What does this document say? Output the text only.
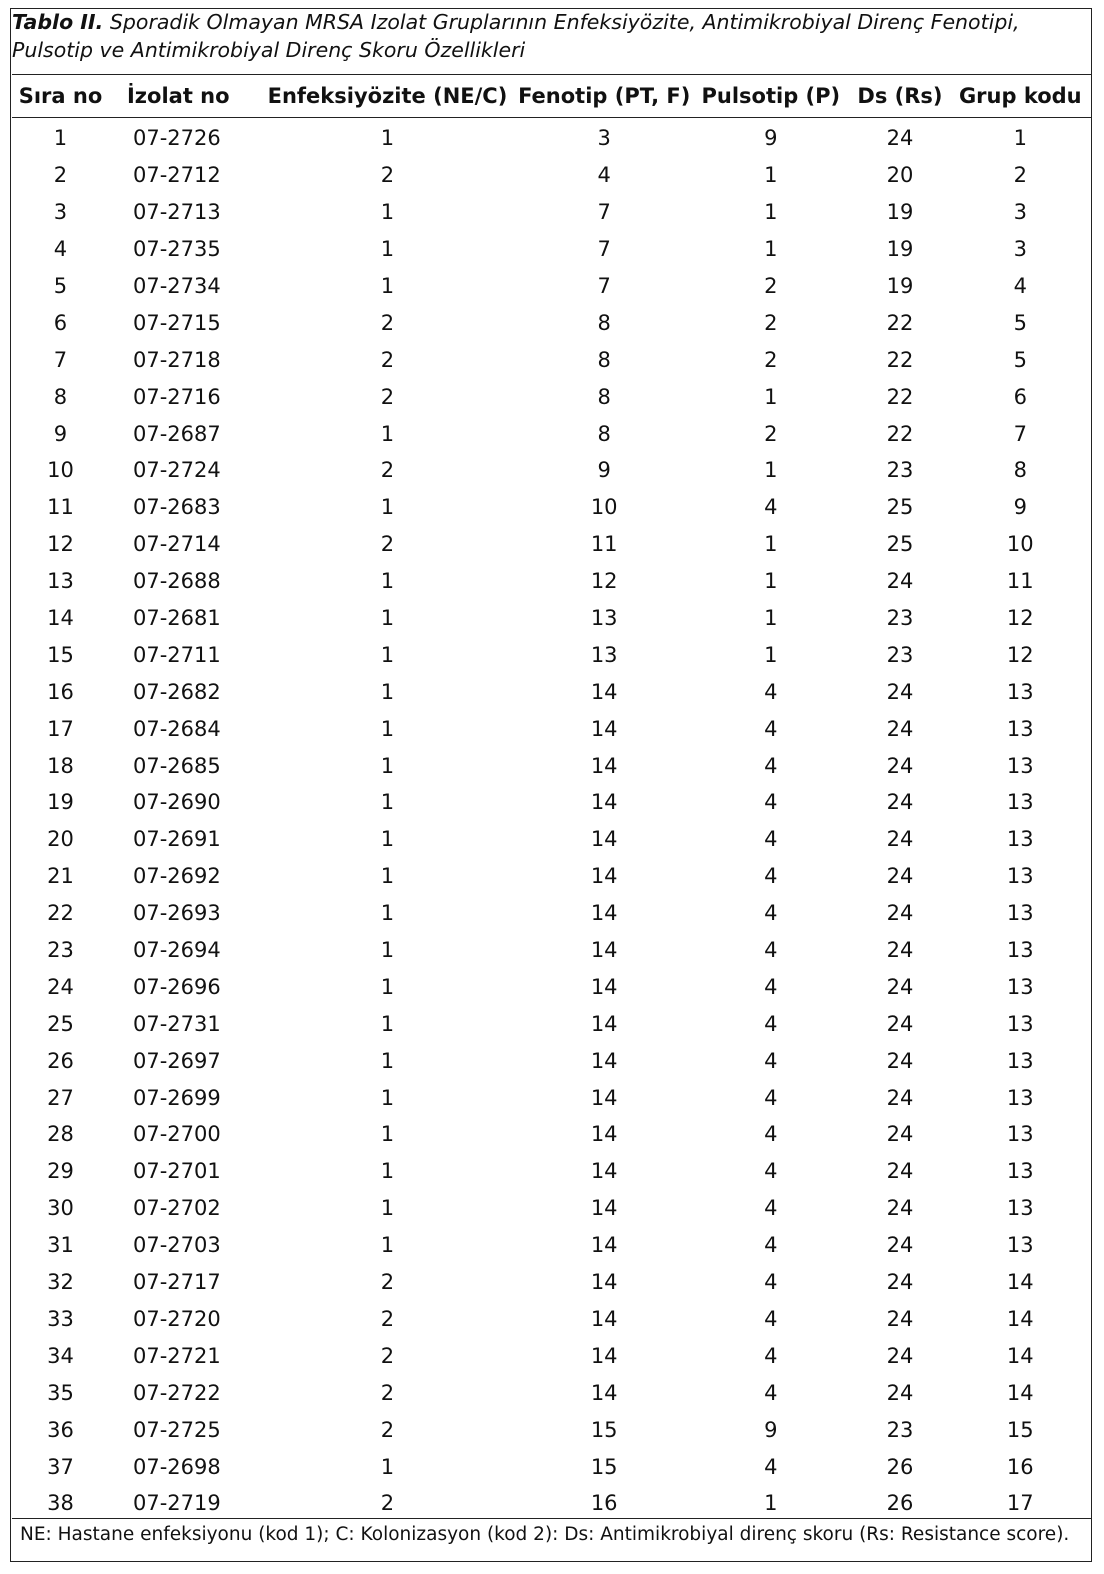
Tablo II. Sporadik Olmayan MRSA Izolat Gruplarının Enfeksiyözite, Antimikrobiyal Direnç Fenotipi, Pulsotip ve Antimikrobiyal Direnç Skoru Özellikleri
Sıra no	İzolat no	Enfeksiyözite (NE/C)	Fenotip (PT, F)	Pulsotip (P)	Ds (Rs)	Grup kodu
1	07-2726	1	3	9	24	1
2	07-2712	2	4	1	20	2
3	07-2713	1	7	1	19	3
4	07-2735	1	7	1	19	3
5	07-2734	1	7	2	19	4
6	07-2715	2	8	2	22	5
7	07-2718	2	8	2	22	5
8	07-2716	2	8	1	22	6
9	07-2687	1	8	2	22	7
10	07-2724	2	9	1	23	8
11	07-2683	1	10	4	25	9
12	07-2714	2	11	1	25	10
13	07-2688	1	12	1	24	11
14	07-2681	1	13	1	23	12
15	07-2711	1	13	1	23	12
16	07-2682	1	14	4	24	13
17	07-2684	1	14	4	24	13
18	07-2685	1	14	4	24	13
19	07-2690	1	14	4	24	13
20	07-2691	1	14	4	24	13
21	07-2692	1	14	4	24	13
22	07-2693	1	14	4	24	13
23	07-2694	1	14	4	24	13
24	07-2696	1	14	4	24	13
25	07-2731	1	14	4	24	13
26	07-2697	1	14	4	24	13
27	07-2699	1	14	4	24	13
28	07-2700	1	14	4	24	13
29	07-2701	1	14	4	24	13
30	07-2702	1	14	4	24	13
31	07-2703	1	14	4	24	13
32	07-2717	2	14	4	24	14
33	07-2720	2	14	4	24	14
34	07-2721	2	14	4	24	14
35	07-2722	2	14	4	24	14
36	07-2725	2	15	9	23	15
37	07-2698	1	15	4	26	16
38	07-2719	2	16	1	26	17
NE: Hastane enfeksiyonu (kod 1); C: Kolonizasyon (kod 2): Ds: Antimikrobiyal direnç skoru (Rs: Resistance score).
